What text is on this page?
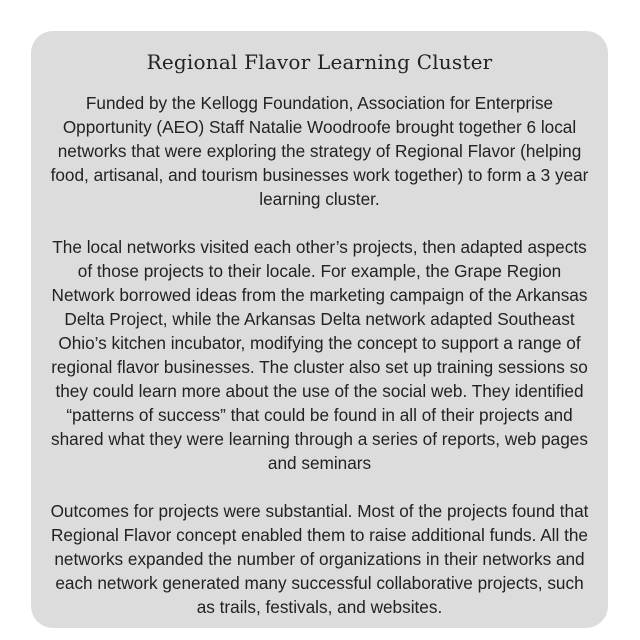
Regional Flavor Learning Cluster

Funded by the Kellogg Foundation, Association for Enterprise Opportunity (AEO) Staff Natalie Woodroofe brought together 6 local networks that were exploring the strategy of Regional Flavor (helping food, artisanal, and tourism businesses work together) to form a 3 year learning cluster.

The local networks visited each other’s projects, then adapted aspects of those projects to their locale. For example, the Grape Region Network borrowed ideas from the marketing campaign of the Arkansas Delta Project, while the Arkansas Delta network adapted Southeast Ohio’s kitchen incubator, modifying the concept to support a range of regional flavor businesses. The cluster also set up training sessions so they could learn more about the use of the social web. They identified “patterns of success” that could be found in all of their projects and shared what they were learning through a series of reports, web pages and seminars

Outcomes for projects were substantial. Most of the projects found that Regional Flavor concept enabled them to raise additional funds. All the networks expanded the number of organizations in their networks and each network generated many successful collaborative projects, such as trails, festivals, and websites.
